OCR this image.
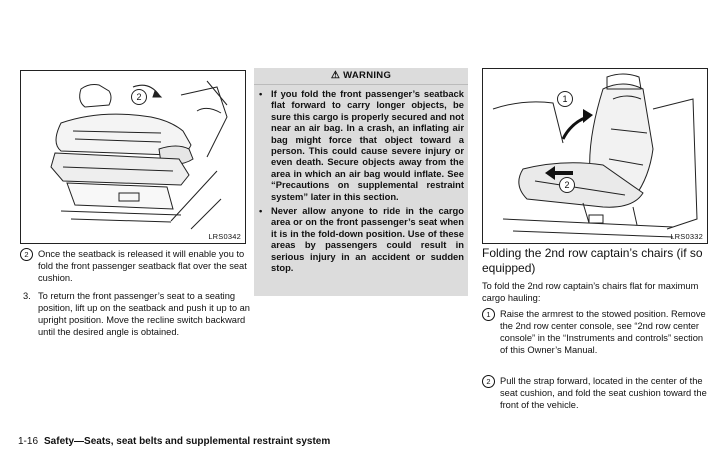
2
LRS0342
2	Once the seatback is released it will enable you to fold the front passenger seatback flat over the seat cushion.
3. To return the front passenger’s seat to a seating position, lift up on the seatback and push it up to an upright position. Move the recline switch backward until the desired angle is obtained.
⚠ WARNING
• If you fold the front passenger’s seatback flat forward to carry longer objects, be sure this cargo is properly secured and not near an air bag. In a crash, an inflating air bag might force that object toward a person. This could cause severe injury or even death. Secure objects away from the area in which an air bag would inflate. See “Precautions on supplemental restraint system” later in this section.
• Never allow anyone to ride in the cargo area or on the front passenger’s seat when it is in the fold-down position. Use of these areas by passengers could result in serious injury in an accident or sudden stop.
1
2
LRS0332
Folding the 2nd row captain’s chairs (if so equipped)
To fold the 2nd row captain’s chairs flat for maximum cargo hauling:
1	Raise the armrest to the stowed position. Remove the 2nd row center console, see “2nd row center console” in the “Instruments and controls” section of this Owner’s Manual.
2	Pull the strap forward, located in the center of the seat cushion, and fold the seat cushion toward the front of the vehicle.
1-16 Safety—Seats, seat belts and supplemental restraint system
